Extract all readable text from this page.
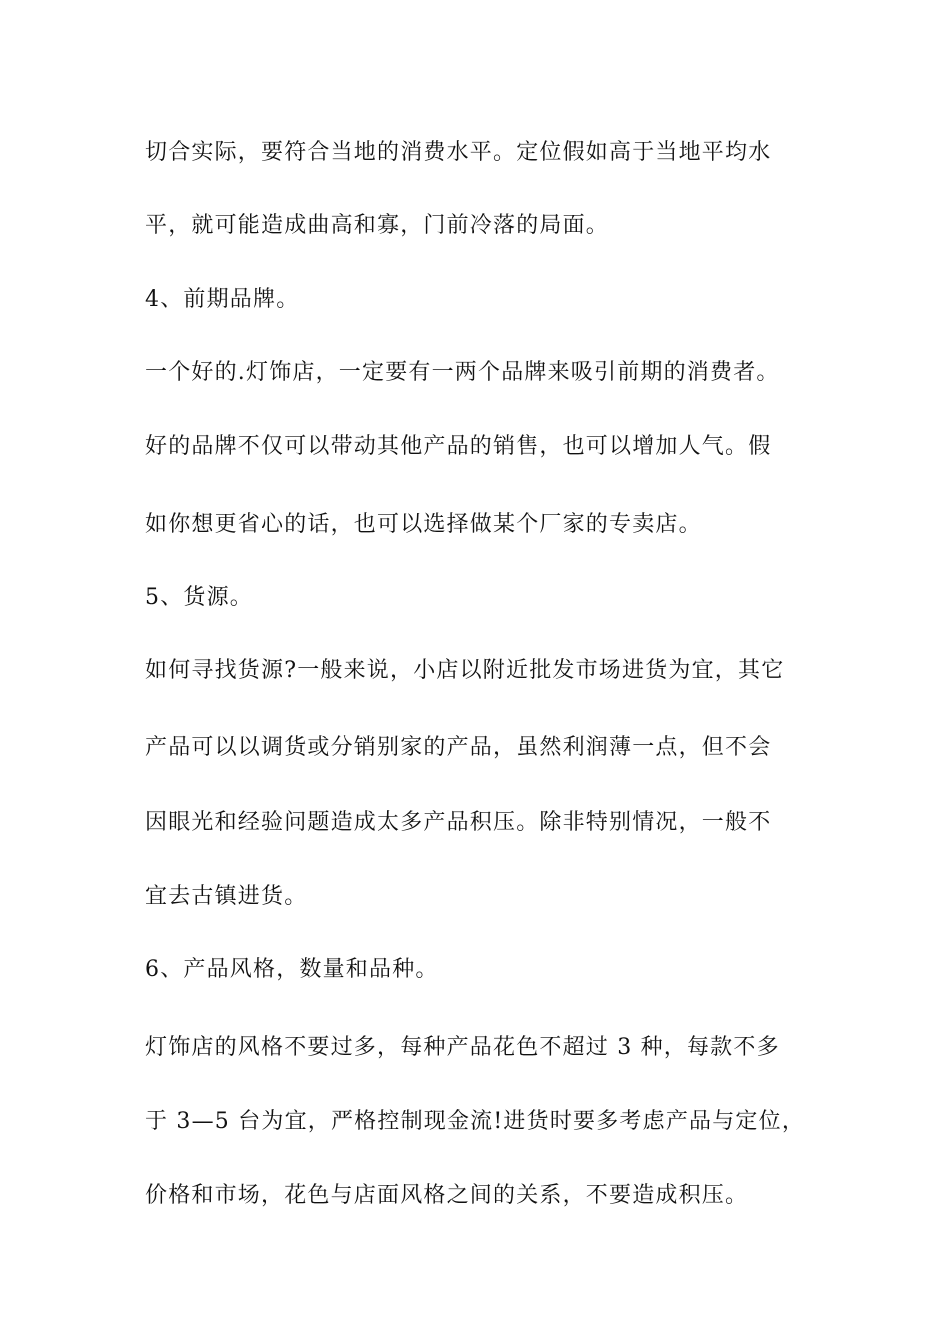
切合实际，要符合当地的消费水平。定位假如高于当地平均水
平，就可能造成曲高和寡，门前冷落的局面。
4、前期品牌。
一个好的.灯饰店，一定要有一两个品牌来吸引前期的消费者。
好的品牌不仅可以带动其他产品的销售，也可以增加人气。假
如你想更省心的话，也可以选择做某个厂家的专卖店。
5、货源。
如何寻找货源?一般来说，小店以附近批发市场进货为宜，其它
产品可以以调货或分销别家的产品，虽然利润薄一点，但不会
因眼光和经验问题造成太多产品积压。除非特别情况，一般不
宜去古镇进货。
6、产品风格，数量和品种。
灯饰店的风格不要过多，每种产品花色不超过 3 种，每款不多
于 3—5 台为宜，严格控制现金流!进货时要多考虑产品与定位，
价格和市场，花色与店面风格之间的关系，不要造成积压。
